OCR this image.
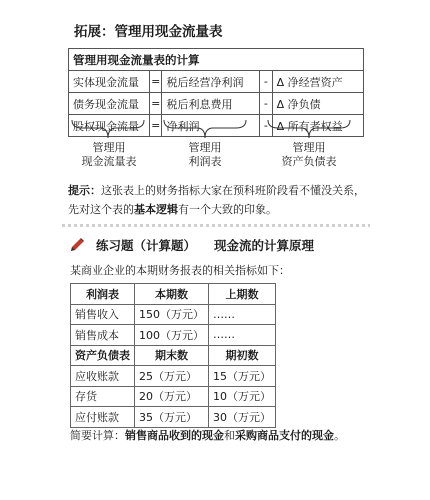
拓展：管理用现金流量表
管理用现金流量表的计算				
实体现金流量	=	税后经营净利润	-	Δ 净经营资产
债务现金流量	=	税后利息费用	-	Δ 净负债
股权现金流量	=	净利润	-	Δ 所有者权益
管理用
现金流量表
管理用
利润表
管理用
资产负债表
提示：这张表上的财务指标大家在预科班阶段看不懂没关系，先对这个表的基本逻辑有一个大致的印象。
练习题（计算题） 现金流的计算原理
某商业企业的本期财务报表的相关指标如下：
利润表	本期数	上期数
销售收入	150（万元）	……
销售成本	100（万元）	……
资产负债表	期末数	期初数
应收账款	25（万元）	15（万元）
存货	20（万元）	10（万元）
应付账款	35（万元）	30（万元）
简要计算：销售商品收到的现金和采购商品支付的现金。
